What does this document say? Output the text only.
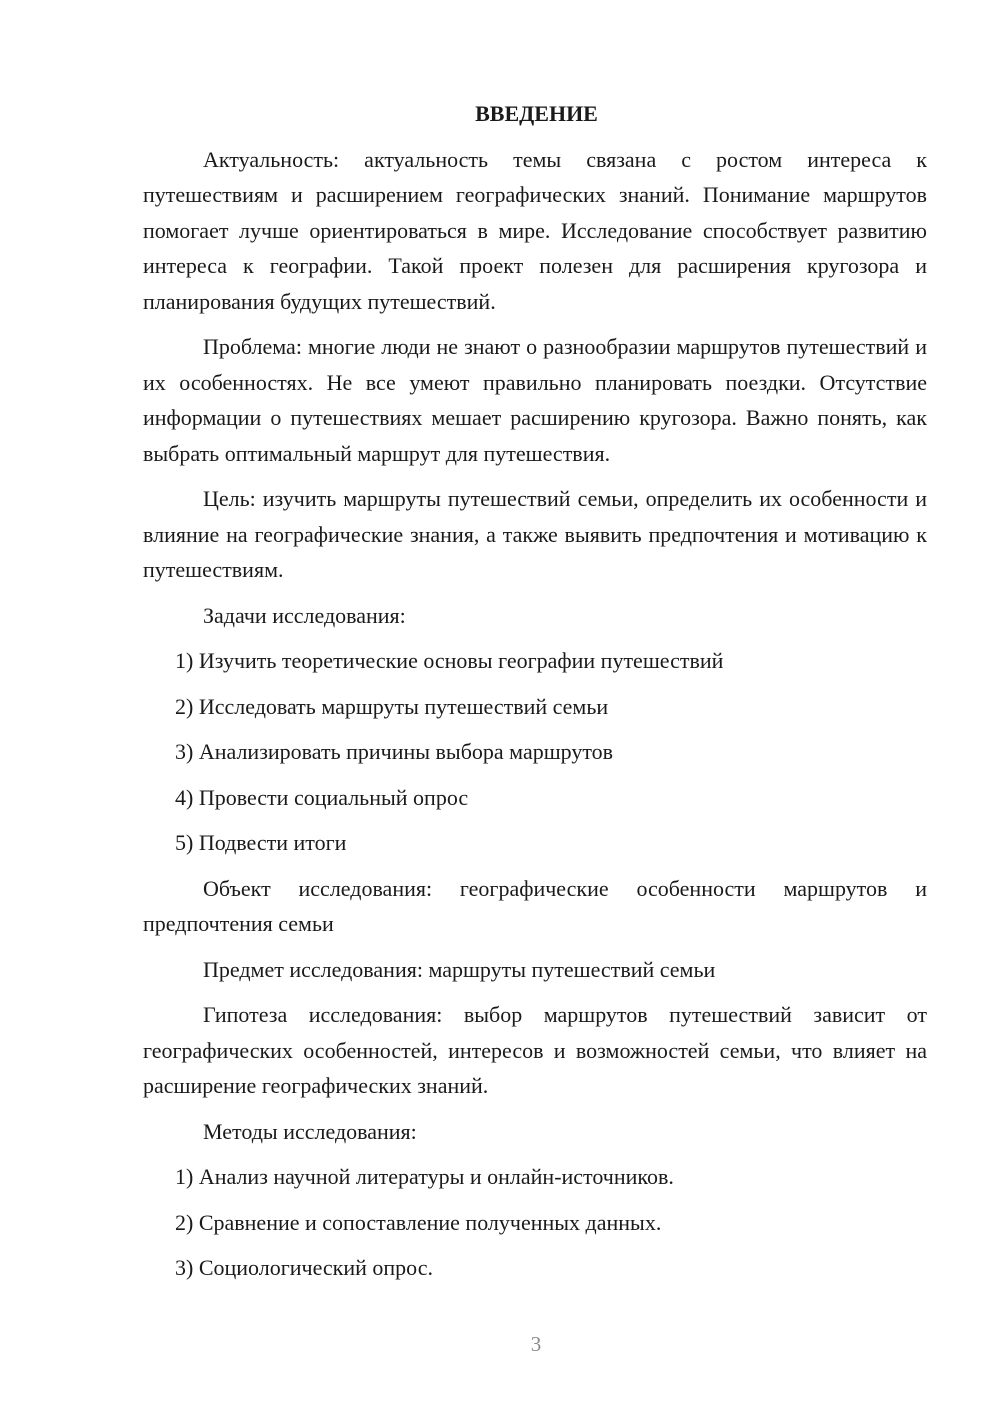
ВВЕДЕНИЕ

Актуальность: актуальность темы связана с ростом интереса к путешествиям и расширением географических знаний. Понимание маршрутов помогает лучше ориентироваться в мире. Исследование способствует развитию интереса к географии. Такой проект полезен для расширения кругозора и планирования будущих путешествий.

Проблема: многие люди не знают о разнообразии маршрутов путешествий и их особенностях. Не все умеют правильно планировать поездки. Отсутствие информации о путешествиях мешает расширению кругозора. Важно понять, как выбрать оптимальный маршрут для путешествия.

Цель: изучить маршруты путешествий семьи, определить их особенности и влияние на географические знания, а также выявить предпочтения и мотивацию к путешествиям.

Задачи исследования:

1) Изучить теоретические основы географии путешествий
2) Исследовать маршруты путешествий семьи
3) Анализировать причины выбора маршрутов
4) Провести социальный опрос
5) Подвести итоги

Объект исследования: географические особенности маршрутов и предпочтения семьи

Предмет исследования: маршруты путешествий семьи

Гипотеза исследования: выбор маршрутов путешествий зависит от географических особенностей, интересов и возможностей семьи, что влияет на расширение географических знаний.

Методы исследования:

1) Анализ научной литературы и онлайн-источников.
2) Сравнение и сопоставление полученных данных.
3) Социологический опрос.
3
